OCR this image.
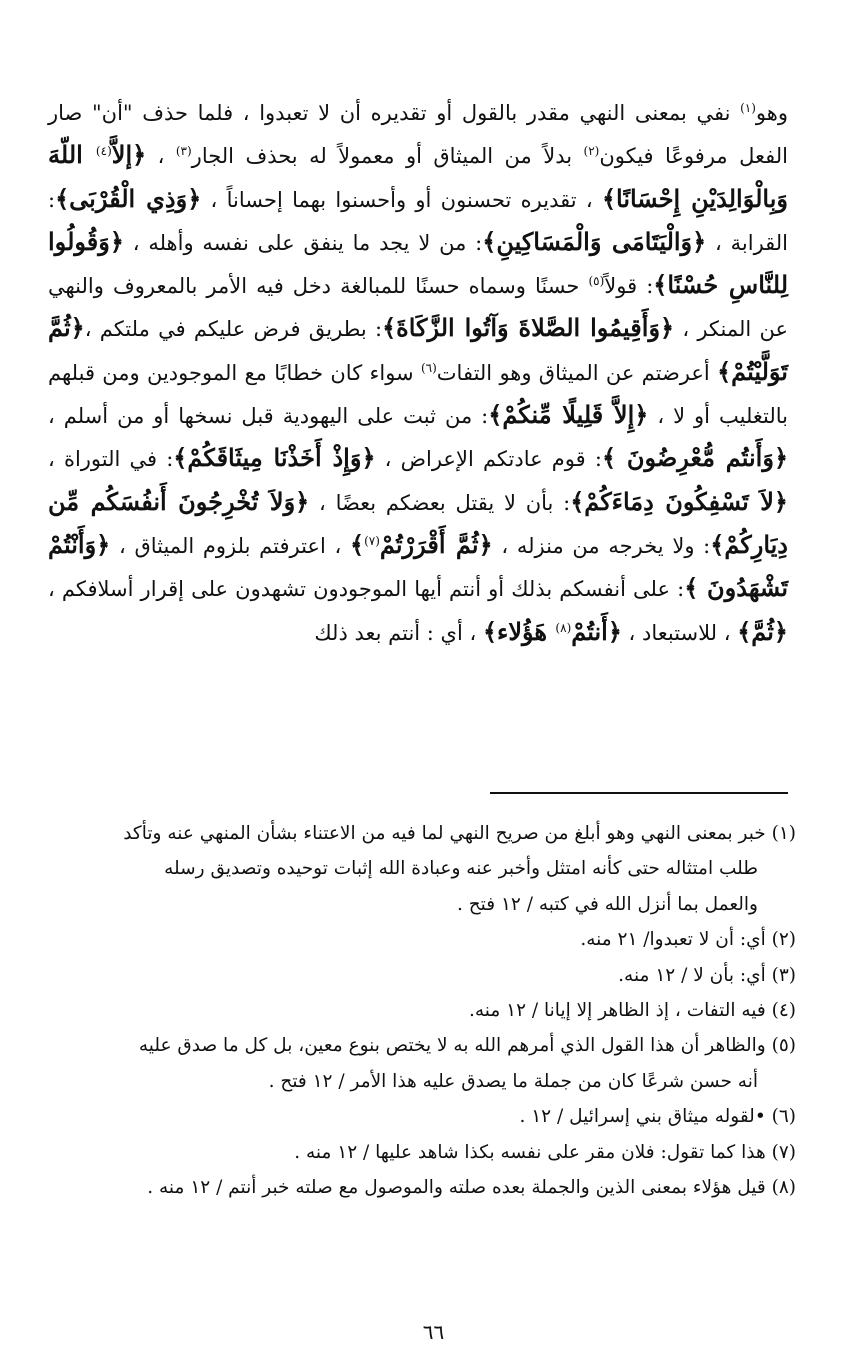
وهو$^{(١)}$ نفي بمعنى النهي مقدر بالقول أو تقديره أن لا تعبدوا ، فلما حذف "أن" صار الفعل مرفوعًا فيكون$^{(٢)}$ بدلاً من الميثاق أو معمولاً له بحذف الجار$^{(٣)}$ ، ﴿إلاَّ$^{(٤)}$ اللّهَ وَبِالْوَالِدَيْنِ إِحْسَانًا﴾ ، تقديره تحسنون أو وأحسنوا بهما إحساناً ، ﴿وَذِي الْقُرْبَى﴾: القرابة ، ﴿وَالْيَتَامَى وَالْمَسَاكِينِ﴾: من لا يجد ما ينفق على نفسه وأهله ، ﴿وَقُولُوا لِلنَّاسِ حُسْنًا﴾: قولاً$^{(٥)}$ حسنًا وسماه حسنًا للمبالغة دخل فيه الأمر بالمعروف والنهي عن المنكر ، ﴿وَأَقِيمُوا الصَّلاةَ وَآتُوا الزَّكَاةَ﴾: بطريق فرض عليكم في ملتكم ،﴿ثُمَّ تَوَلَّيْتُمْ﴾ أعرضتم عن الميثاق وهو التفات$^{(٦)}$ سواء كان خطابًا مع الموجودين ومن قبلهم بالتغليب أو لا ، ﴿إِلاَّ قَلِيلًا مِّنكُمْ﴾: من ثبت على اليهودية قبل نسخها أو من أسلم ، ﴿وَأَنتُم مُّعْرِضُونَ ﴾: قوم عادتكم الإعراض ، ﴿وَإِذْ أَخَذْنَا مِيثَاقَكُمْ﴾: في التوراة ، ﴿لاَ تَسْفِكُونَ دِمَاءَكُمْ﴾: بأن لا يقتل بعضكم بعضًا ، ﴿وَلاَ تُخْرِجُونَ أَنفُسَكُم مِّن دِيَارِكُمْ﴾: ولا يخرجه من منزله ، ﴿ثُمَّ أَقْرَرْتُمْ$^{(٧)}$﴾ ، اعترفتم بلزوم الميثاق ، ﴿وَأَنْتُمْ تَشْهَدُونَ ﴾: على أنفسكم بذلك أو أنتم أيها الموجودون تشهدون على إقرار أسلافكم ، ﴿ثُمَّ﴾ ، للاستبعاد ، ﴿أَنتُمْ$^{(٨)}$ هَؤُلاء﴾ ، أي : أنتم بعد ذلك

(١) خبر بمعنى النهي وهو أبلغ من صريح النهي لما فيه من الاعتناء بشأن المنهي عنه وتأكد
طلب امتثاله حتى كأنه امتثل وأخبر عنه وعبادة الله إثبات توحيده وتصديق رسله
والعمل بما أنزل الله في كتبه / ١٢ فتح .
(٢) أي: أن لا تعبدوا/ ٢١ منه.
(٣) أي: بأن لا / ١٢ منه.
(٤) فيه التفات ، إذ الظاهر إلا إيانا / ١٢ منه.
(٥) والظاهر أن هذا القول الذي أمرهم الله به لا يختص بنوع معين، بل كل ما صدق عليه
أنه حسن شرعًا كان من جملة ما يصدق عليه هذا الأمر / ١٢ فتح .
(٦) •لقوله ميثاق بني إسرائيل / ١٢ .
(٧) هذا كما تقول: فلان مقر على نفسه بكذا شاهد عليها / ١٢ منه .
(٨) قيل هؤلاء بمعنى الذين والجملة بعده صلته والموصول مع صلته خبر أنتم / ١٢ منه .
٦٦
